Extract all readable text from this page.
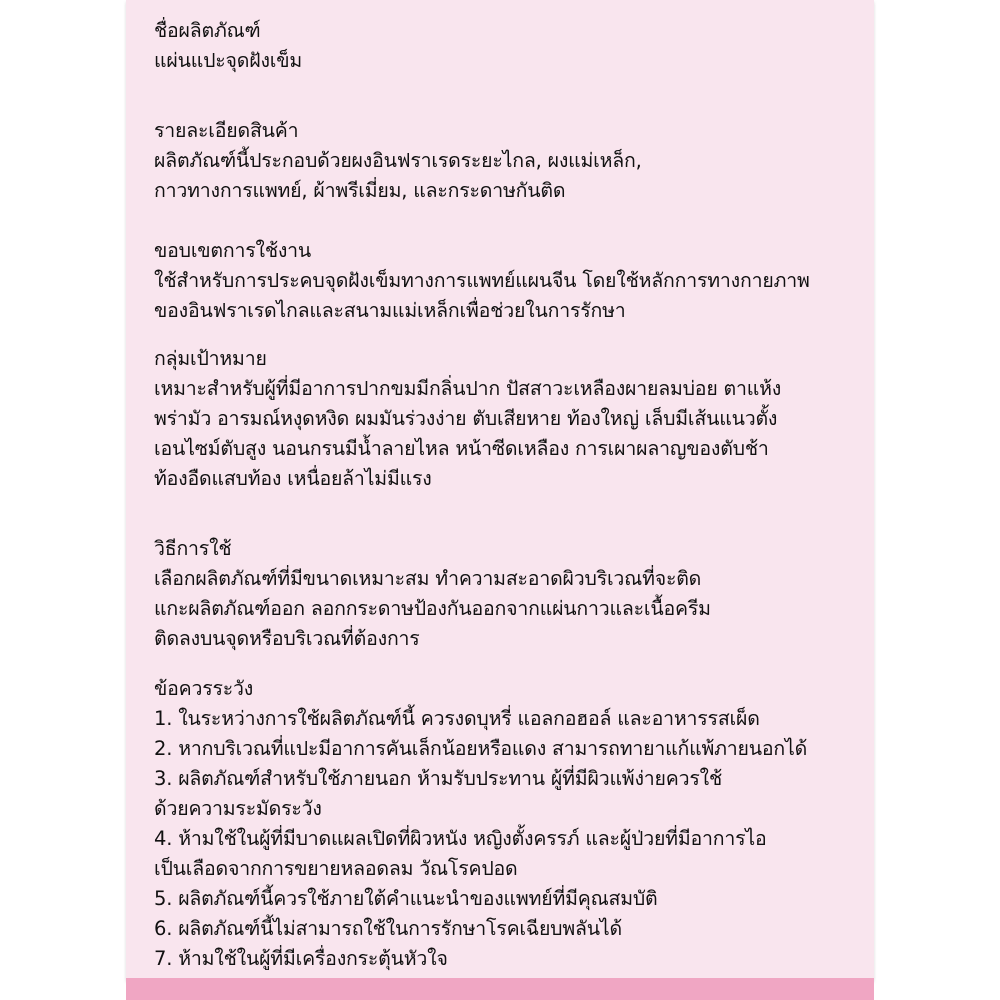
ชื่อผลิตภัณฑ์
แผ่นแปะจุดฝังเข็ม
รายละเอียดสินค้า
ผลิตภัณฑ์นี้ประกอบด้วยผงอินฟราเรดระยะไกล, ผงแม่เหล็ก,
กาวทางการแพทย์, ผ้าพรีเมี่ยม, และกระดาษกันติด
ขอบเขตการใช้งาน
ใช้สำหรับการประคบจุดฝังเข็มทางการแพทย์แผนจีน โดยใช้หลักการทางกายภาพ
ของอินฟราเรดไกลและสนามแม่เหล็กเพื่อช่วยในการรักษา
กลุ่มเป้าหมาย
เหมาะสำหรับผู้ที่มีอาการปากขมมีกลิ่นปาก ปัสสาวะเหลืองผายลมบ่อย ตาแห้ง
พร่ามัว อารมณ์หงุดหงิด ผมมันร่วงง่าย ตับเสียหาย ท้องใหญ่ เล็บมีเส้นแนวตั้ง
เอนไซม์ตับสูง นอนกรนมีน้ำลายไหล หน้าซีดเหลือง การเผาผลาญของตับช้า
ท้องอืดแสบท้อง เหนื่อยล้าไม่มีแรง
วิธีการใช้
เลือกผลิตภัณฑ์ที่มีขนาดเหมาะสม ทำความสะอาดผิวบริเวณที่จะติด
แกะผลิตภัณฑ์ออก ลอกกระดาษป้องกันออกจากแผ่นกาวและเนื้อครีม
ติดลงบนจุดหรือบริเวณที่ต้องการ
ข้อควรระวัง
1. ในระหว่างการใช้ผลิตภัณฑ์นี้ ควรงดบุหรี่ แอลกอฮอล์ และอาหารรสเผ็ด
2. หากบริเวณที่แปะมีอาการคันเล็กน้อยหรือแดง สามารถทายาแก้แพ้ภายนอกได้
3. ผลิตภัณฑ์สำหรับใช้ภายนอก ห้ามรับประทาน ผู้ที่มีผิวแพ้ง่ายควรใช้
ด้วยความระมัดระวัง
4. ห้ามใช้ในผู้ที่มีบาดแผลเปิดที่ผิวหนัง หญิงตั้งครรภ์ และผู้ป่วยที่มีอาการไอ
เป็นเลือดจากการขยายหลอดลม วัณโรคปอด
5. ผลิตภัณฑ์นี้ควรใช้ภายใต้คำแนะนำของแพทย์ที่มีคุณสมบัติ
6. ผลิตภัณฑ์นี้ไม่สามารถใช้ในการรักษาโรคเฉียบพลันได้
7. ห้ามใช้ในผู้ที่มีเครื่องกระตุ้นหัวใจ
